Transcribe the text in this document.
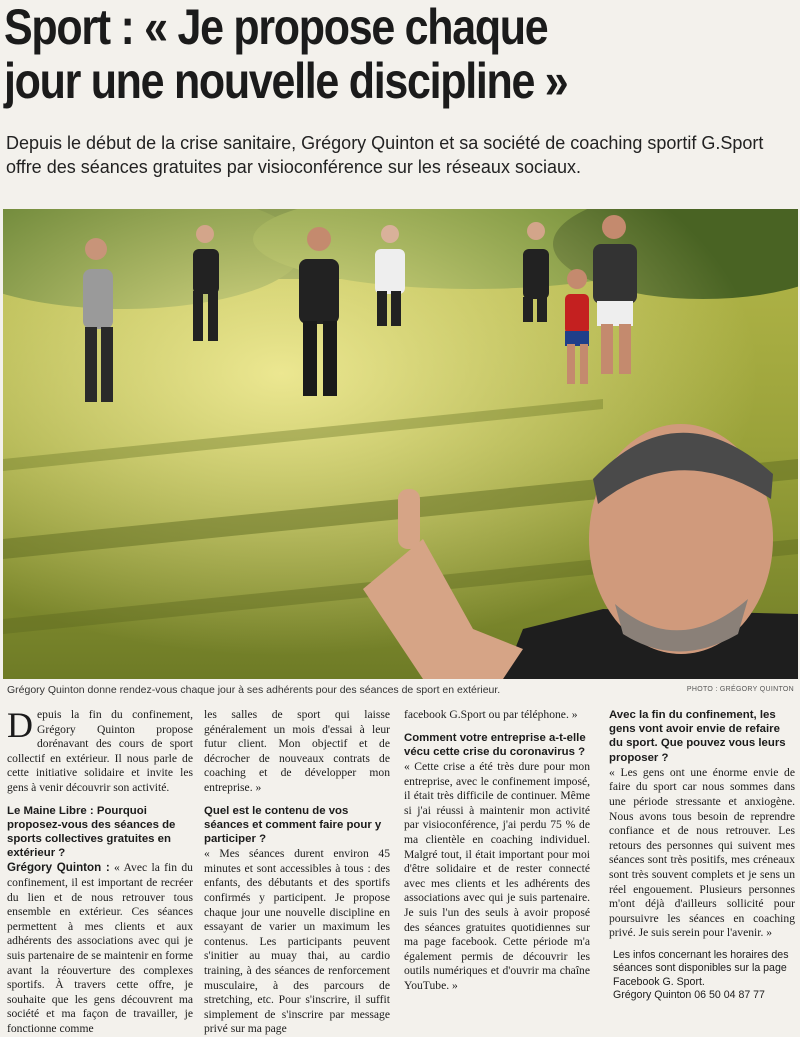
Sport : « Je propose chaque
jour une nouvelle discipline »
Depuis le début de la crise sanitaire, Grégory Quinton et sa société de coaching sportif G.Sport offre des séances gratuites par visioconférence sur les réseaux sociaux.
Grégory Quinton donne rendez-vous chaque jour à ses adhérents pour des séances de sport en extérieur.	PHOTO : GRÉGORY QUINTON

Depuis la fin du confinement, Grégory Quinton propose dorénavant des cours de sport collectif en extérieur. Il nous parle de cette initiative solidaire et invite les gens à venir découvrir son activité.

Le Maine Libre : Pourquoi proposez-vous des séances de sports collectives gratuites en extérieur ?

Grégory Quinton : « Avec la fin du confinement, il est important de recréer du lien et de nous retrouver tous ensemble en extérieur. Ces séances permettent à mes clients et aux adhérents des associations avec qui je suis partenaire de se maintenir en forme avant la réouverture des complexes sportifs. À travers cette offre, je souhaite que les gens découvrent ma société et ma façon de travailler, je fonctionne comme

les salles de sport qui laisse généralement un mois d'essai à leur futur client. Mon objectif et de décrocher de nouveaux contrats de coaching et de développer mon entreprise. »

Quel est le contenu de vos séances et comment faire pour y participer ?

« Mes séances durent environ 45 minutes et sont accessibles à tous : des enfants, des débutants et des sportifs confirmés y participent. Je propose chaque jour une nouvelle discipline en essayant de varier un maximum les contenus. Les participants peuvent s'initier au muay thai, au cardio training, à des séances de renforcement musculaire, à des parcours de stretching, etc. Pour s'inscrire, il suffit simplement de s'inscrire par message privé sur ma page

facebook G.Sport ou par téléphone. »

Comment votre entreprise a-t-elle vécu cette crise du coronavirus ?

« Cette crise a été très dure pour mon entreprise, avec le confinement imposé, il était très difficile de continuer. Même si j'ai réussi à maintenir mon activité par visioconférence, j'ai perdu 75 % de ma clientèle en coaching individuel. Malgré tout, il était important pour moi d'être solidaire et de rester connecté avec mes clients et les adhérents des associations avec qui je suis partenaire. Je suis l'un des seuls à avoir proposé des séances gratuites quotidiennes sur ma page facebook. Cette période m'a également permis de découvrir les outils numériques et d'ouvrir ma chaîne YouTube. »

Avec la fin du confinement, les gens vont avoir envie de refaire du sport. Que pouvez vous leurs proposer ?

« Les gens ont une énorme envie de faire du sport car nous sommes dans une période stressante et anxiogène. Nous avons tous besoin de reprendre confiance et de nous retrouver. Les retours des personnes qui suivent mes séances sont très positifs, mes créneaux sont très souvent complets et je sens un réel engouement. Plusieurs personnes m'ont déjà d'ailleurs sollicité pour poursuivre les séances en coaching privé. Je suis serein pour l'avenir. »

Les infos concernant les horaires des séances sont disponibles sur la page Facebook G. Sport.

Grégory Quinton 06 50 04 87 77
